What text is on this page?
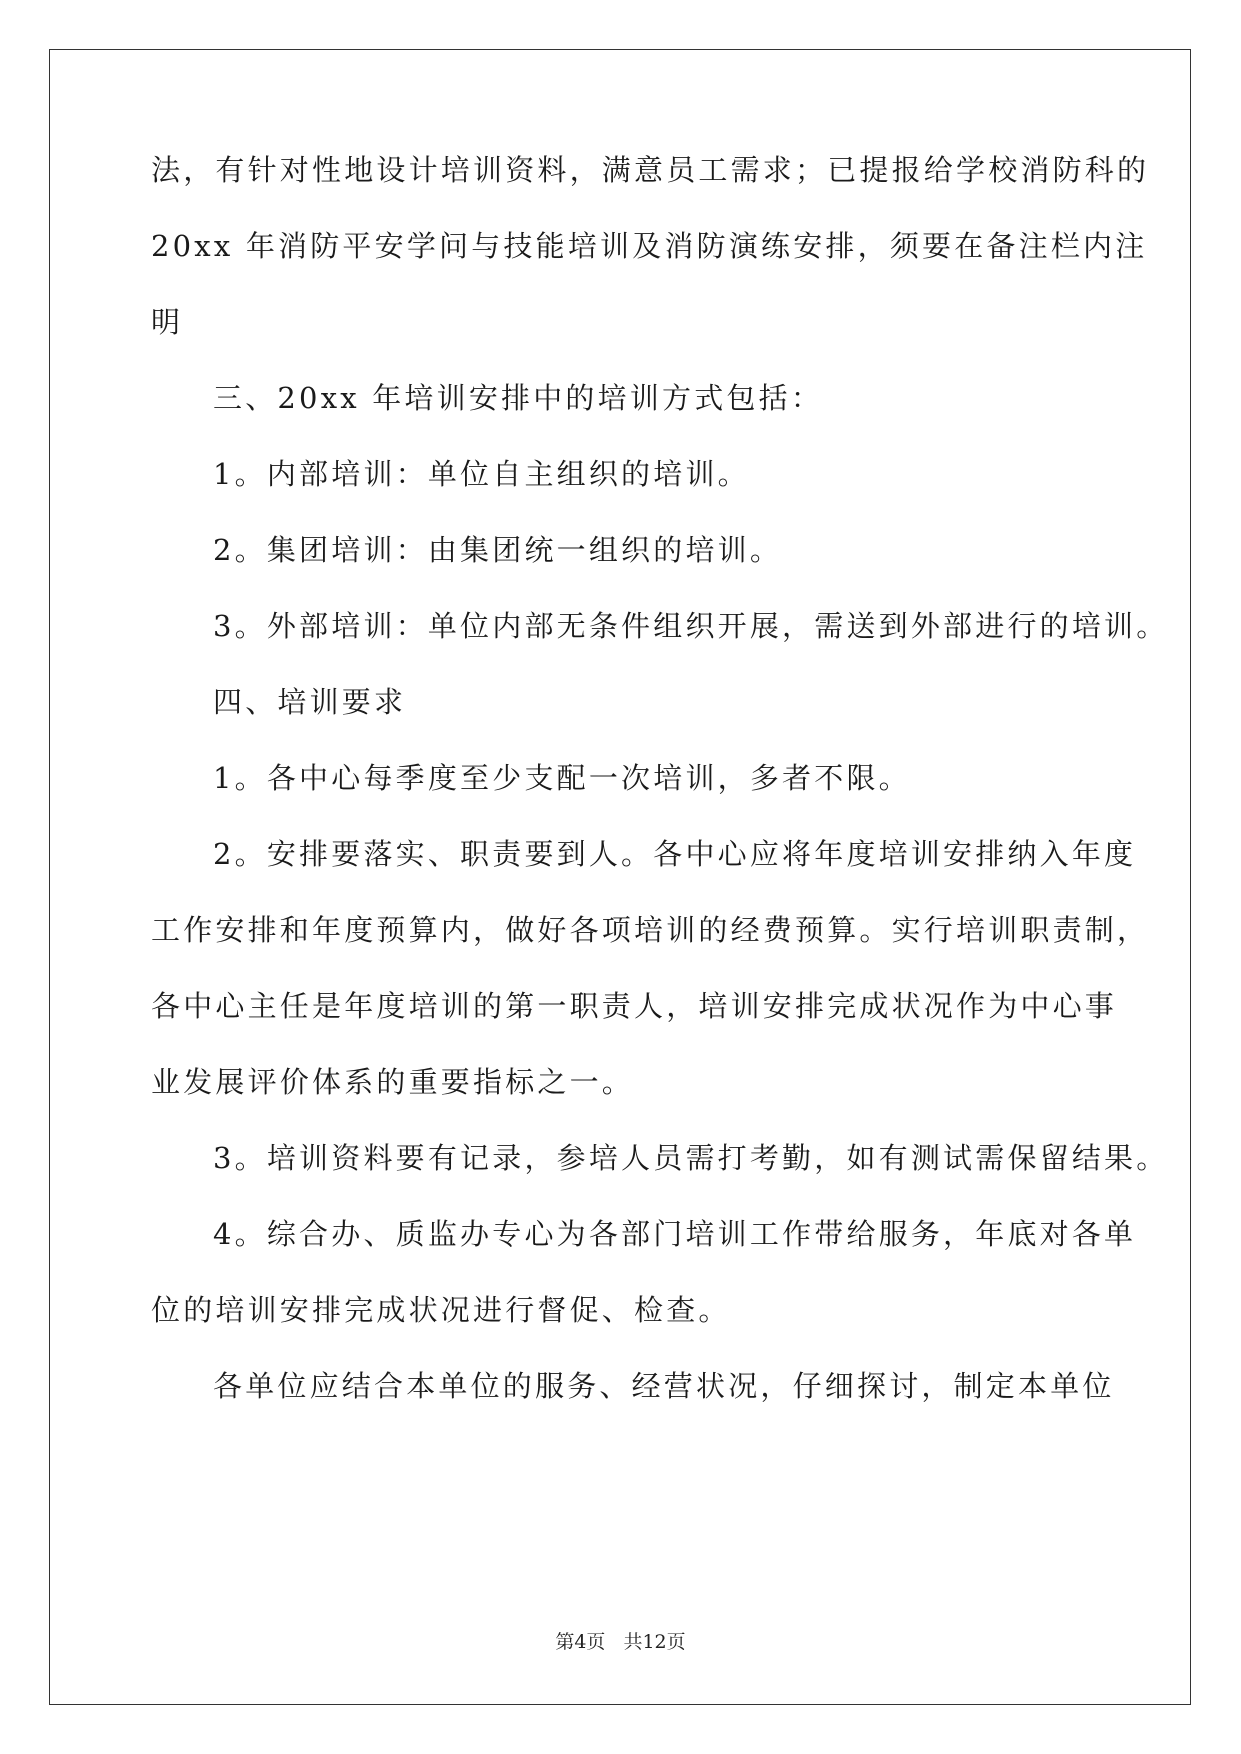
法，有针对性地设计培训资料，满意员工需求；已提报给学校消防科的
20xx 年消防平安学问与技能培训及消防演练安排，须要在备注栏内注
明
三、20xx 年培训安排中的培训方式包括：
1。内部培训：单位自主组织的培训。
2。集团培训：由集团统一组织的培训。
3。外部培训：单位内部无条件组织开展，需送到外部进行的培训。
四、培训要求
1。各中心每季度至少支配一次培训，多者不限。
2。安排要落实、职责要到人。各中心应将年度培训安排纳入年度
工作安排和年度预算内，做好各项培训的经费预算。实行培训职责制，
各中心主任是年度培训的第一职责人，培训安排完成状况作为中心事
业发展评价体系的重要指标之一。
3。培训资料要有记录，参培人员需打考勤，如有测试需保留结果。
4。综合办、质监办专心为各部门培训工作带给服务，年底对各单
位的培训安排完成状况进行督促、检查。
各单位应结合本单位的服务、经营状况，仔细探讨，制定本单位
第4页 共12页
